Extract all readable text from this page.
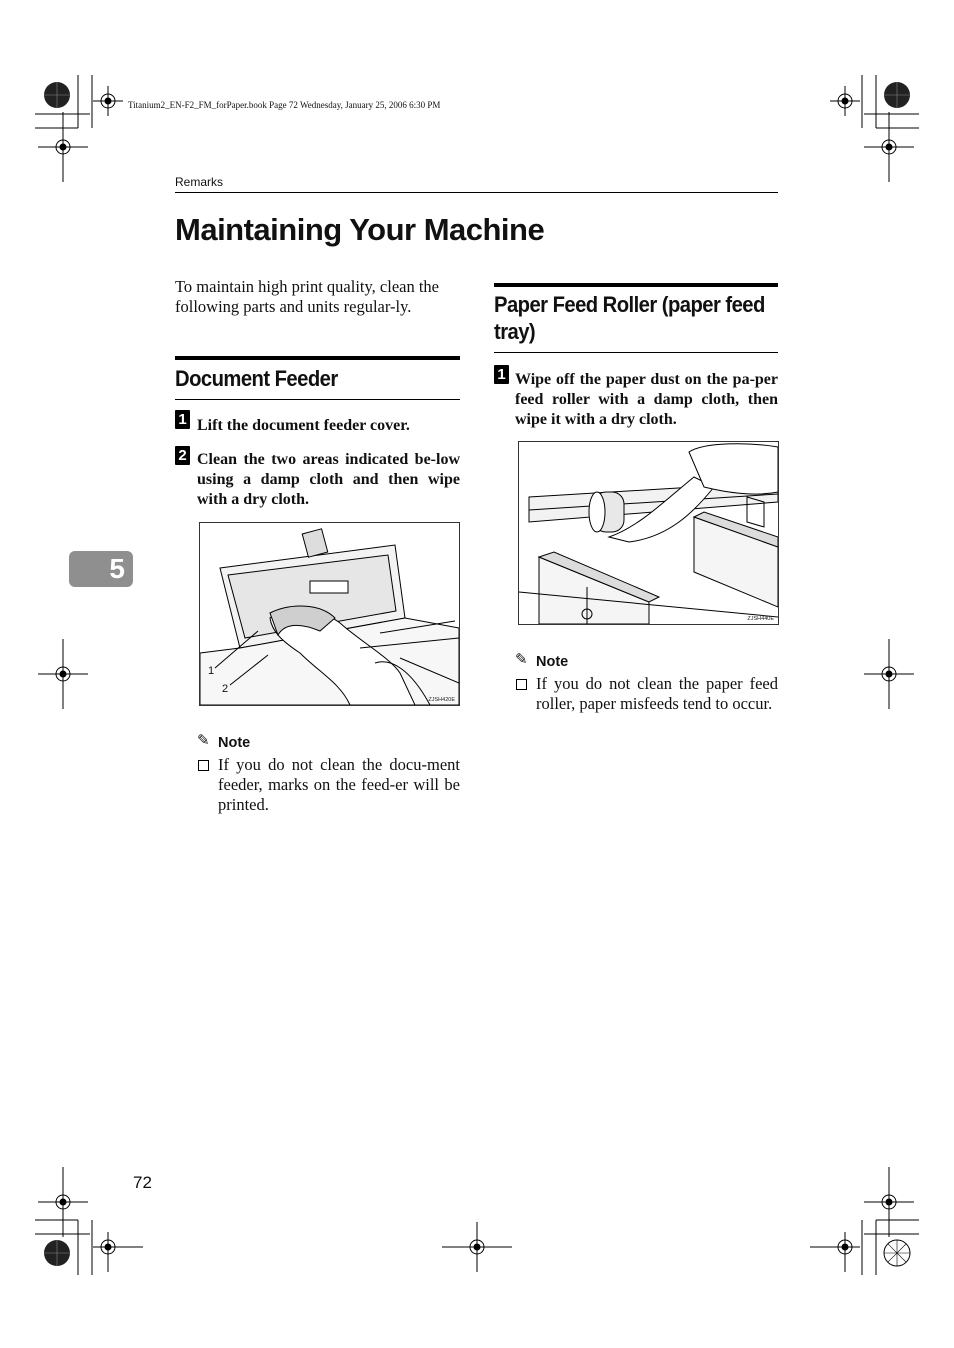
Titanium2_EN-F2_FM_forPaper.book Page 72 Wednesday, January 25, 2006 6:30 PM
Remarks
Maintaining Your Machine
To maintain high print quality, clean the following parts and units regular-ly.
Document Feeder
1 Lift the document feeder cover.
2 Clean the two areas indicated be-low using a damp cloth and then wipe with a dry cloth.
ZJSH420E
1
2
✎ Note
If you do not clean the docu-ment feeder, marks on the feed-er will be printed.
Paper Feed Roller (paper feed tray)
1 Wipe off the paper dust on the pa-per feed roller with a damp cloth, then wipe it with a dry cloth.
ZJSH440E
✎ Note
If you do not clean the paper feed roller, paper misfeeds tend to occur.
5
72
